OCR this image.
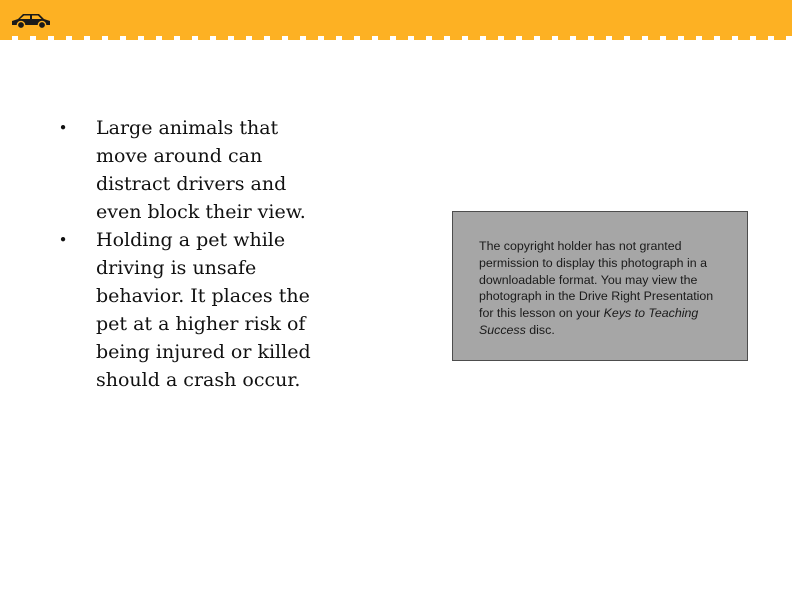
• Large animals that move around can distract drivers and even block their view.
• Holding a pet while driving is unsafe behavior. It places the pet at a higher risk of being injured or killed should a crash occur.
The copyright holder has not granted permission to display this photograph in a downloadable format. You may view the photograph in the Drive Right Presentation for this lesson on your Keys to Teaching Success disc.
